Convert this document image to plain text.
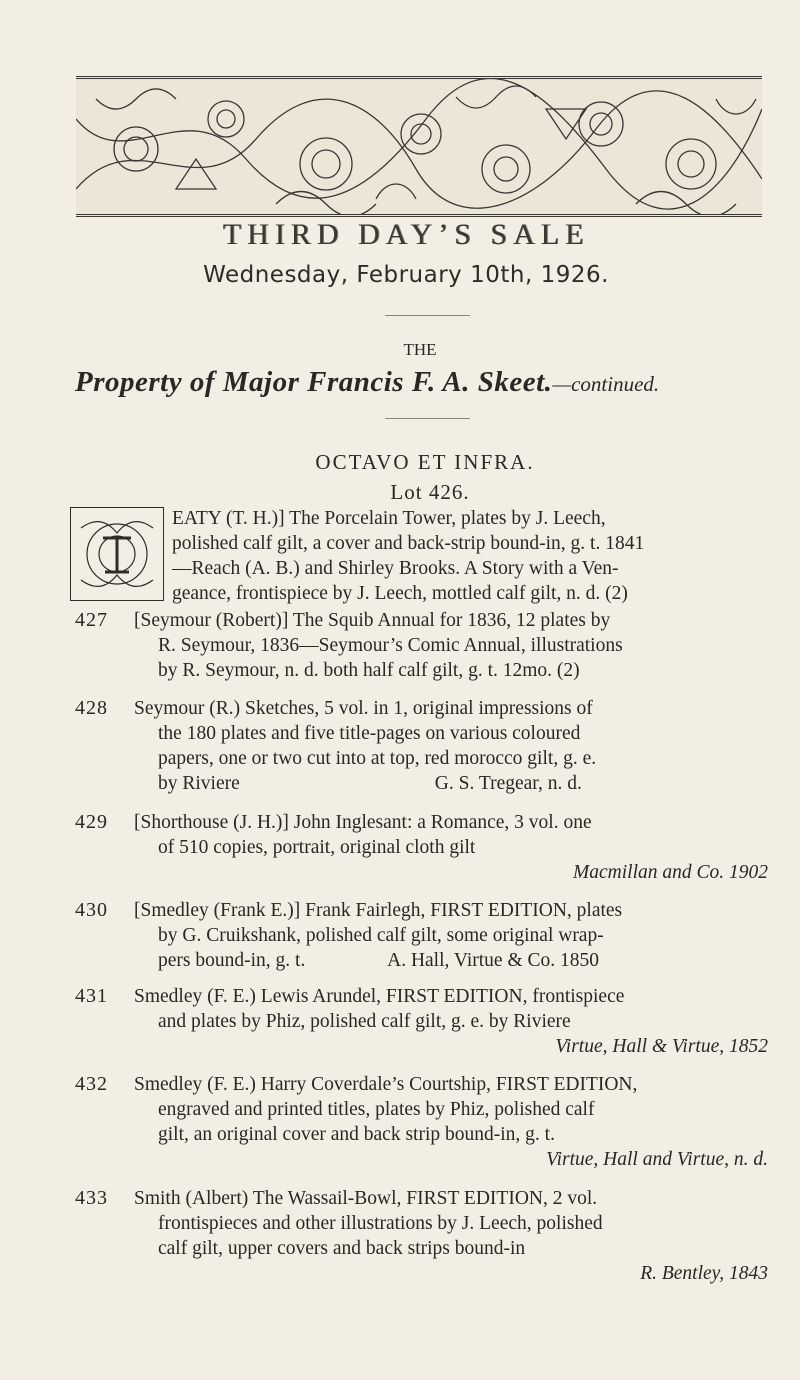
THIRD DAY’S SALE
Wednesday, February 10th, 1926.
THE
Property of Major Francis F. A. Skeet.—continued.
OCTAVO ET INFRA.
Lot 426.
EATY (T. H.)] The Porcelain Tower, plates by J. Leech,
polished calf gilt, a cover and back-strip bound-in, g. t. 1841
—Reach (A. B.) and Shirley Brooks. A Story with a Ven-
geance, frontispiece by J. Leech, mottled calf gilt, n. d. (2)
427	[Seymour (Robert)] The Squib Annual for 1836, 12 plates by
R. Seymour, 1836—Seymour’s Comic Annual, illustrations
by R. Seymour, n. d. both half calf gilt, g. t. 12mo. (2)
428	Seymour (R.) Sketches, 5 vol. in 1, original impressions of
the 180 plates and five title-pages on various coloured
papers, one or two cut into at top, red morocco gilt, g. e.
by Riviere                                        G. S. Tregear, n. d.
429	[Shorthouse (J. H.)] John Inglesant: a Romance, 3 vol. one
of 510 copies, portrait, original cloth gilt
Macmillan and Co. 1902
430	[Smedley (Frank E.)] Frank Fairlegh, FIRST EDITION, plates
by G. Cruikshank, polished calf gilt, some original wrap-
pers bound-in, g. t.                 A. Hall, Virtue & Co. 1850
431	Smedley (F. E.) Lewis Arundel, FIRST EDITION, frontispiece
and plates by Phiz, polished calf gilt, g. e. by Riviere
Virtue, Hall & Virtue, 1852
432	Smedley (F. E.) Harry Coverdale’s Courtship, FIRST EDITION,
engraved and printed titles, plates by Phiz, polished calf
gilt, an original cover and back strip bound-in, g. t.
Virtue, Hall and Virtue, n. d.
433	Smith (Albert) The Wassail-Bowl, FIRST EDITION, 2 vol.
frontispieces and other illustrations by J. Leech, polished
calf gilt, upper covers and back strips bound-in
R. Bentley, 1843
